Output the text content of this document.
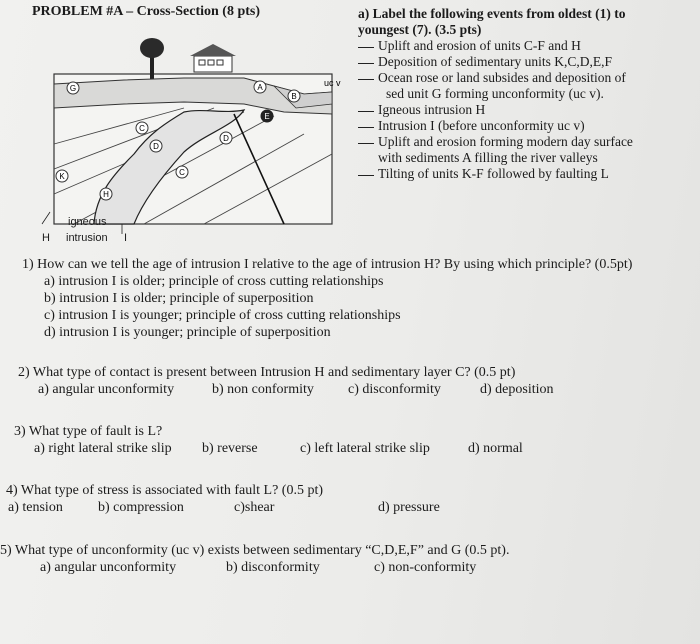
PROBLEM #A – Cross-Section (8 pts)
G	A
B
E
C
D
D
C
K
H
uc v
igneous
H intrusion I
a) Label the following events from oldest (1) to
youngest (7). (3.5 pts)
Uplift and erosion of units C-F and H
Deposition of sedimentary units K,C,D,E,F
Ocean rose or land subsides and deposition of
sed unit G forming unconformity (uc v).
Igneous intrusion H
Intrusion I (before unconformity uc v)
Uplift and erosion forming modern day surface
with sediments A filling the river valleys
Tilting of units K-F followed by faulting L
1) How can we tell the age of intrusion I relative to the age of intrusion H? By using which principle? (0.5pt)
a) intrusion I is older; principle of cross cutting relationships
b) intrusion I is older; principle of superposition
c) intrusion I is younger; principle of cross cutting relationships
d) intrusion I is younger; principle of superposition
2) What type of contact is present between Intrusion H and sedimentary layer C? (0.5 pt)
a) angular unconformity	b) non conformity c) disconformity	d) deposition
3) What type of fault is L?
a) right lateral strike slip b) reverse	c) left lateral strike slip	d) normal
4) What type of stress is associated with fault L? (0.5 pt)
a) tension	b) compression	c)shear	d) pressure
5) What type of unconformity (uc v) exists between sedimentary “C,D,E,F” and G (0.5 pt).
a) angular unconformity	b) disconformity	c) non-conformity
